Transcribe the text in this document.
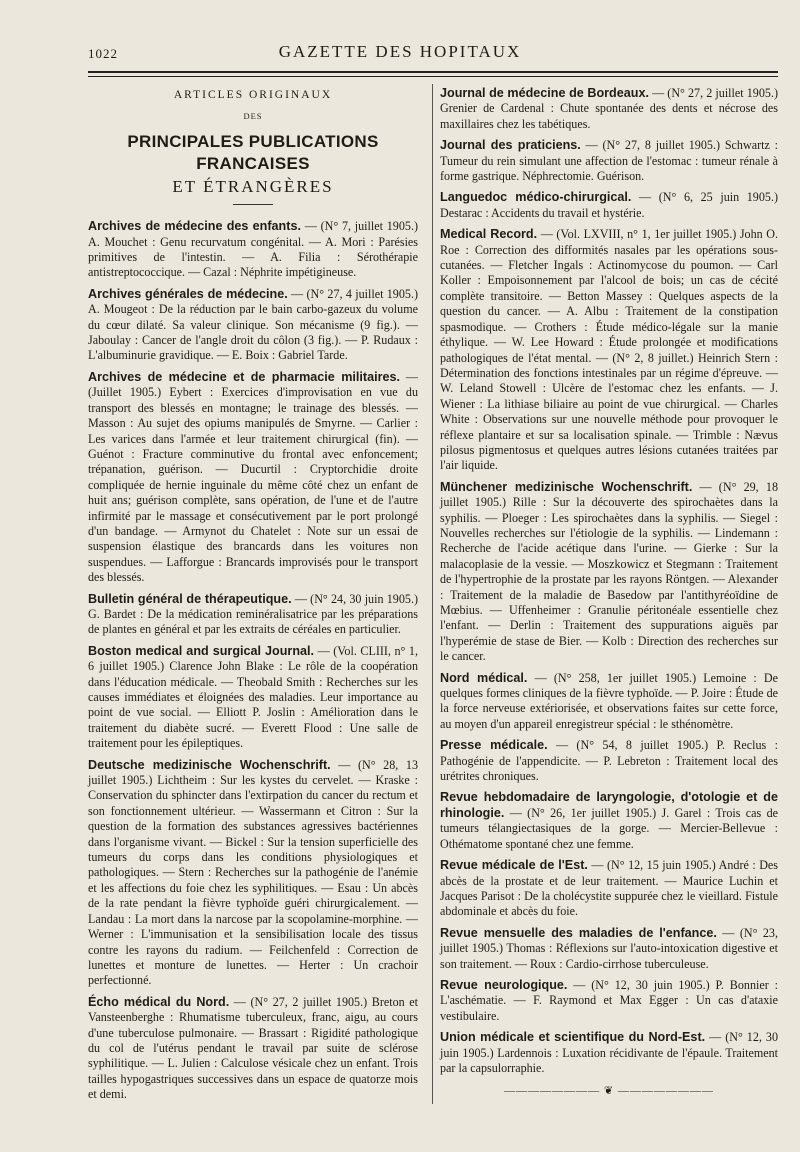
1022	GAZETTE DES HOPITAUX
ARTICLES ORIGINAUX
DES
PRINCIPALES PUBLICATIONS FRANCAISES
ET ÉTRANGÈRES
Archives de médecine des enfants. — (N° 7, juillet 1905.) A. Mouchet : Genu recurvatum congénital. — A. Mori : Parésies primitives de l'intestin. — A. Filia : Sérothérapie antistreptococcique. — Cazal : Néphrite impétigineuse.
Archives générales de médecine. — (N° 27, 4 juillet 1905.) A. Mougeot : De la réduction par le bain carbo-gazeux du volume du cœur dilaté. Sa valeur clinique. Son mécanisme (9 fig.). — Jaboulay : Cancer de l'angle droit du côlon (3 fig.). — P. Rudaux : L'albuminurie gravidique. — E. Boix : Gabriel Tarde.
Archives de médecine et de pharmacie militaires. — (Juillet 1905.) Eybert : Exercices d'improvisation en vue du transport des blessés en montagne; le trainage des blessés. — Masson : Au sujet des opiums manipulés de Smyrne. — Carlier : Les varices dans l'armée et leur traitement chirurgical (fin). — Guénot : Fracture comminutive du frontal avec enfoncement; trépanation, guérison. — Ducurtil : Cryptorchidie droite compliquée de hernie inguinale du même côté chez un enfant de huit ans; guérison complète, sans opération, de l'une et de l'autre infirmité par le massage et consécutivement par le port prolongé d'un bandage. — Armynot du Chatelet : Note sur un essai de suspension élastique des brancards dans les voitures non suspendues. — Lafforgue : Brancards improvisés pour le transport des blessés.
Bulletin général de thérapeutique. — (N° 24, 30 juin 1905.) G. Bardet : De la médication reminéralisatrice par les préparations de plantes en général et par les extraits de céréales en particulier.
Boston medical and surgical Journal. — (Vol. CLIII, n° 1, 6 juillet 1905.) Clarence John Blake : Le rôle de la coopération dans l'éducation médicale. — Theobald Smith : Recherches sur les causes immédiates et éloignées des maladies. Leur importance au point de vue social. — Elliott P. Joslin : Amélioration dans le traitement du diabète sucré. — Everett Flood : Une salle de traitement pour les épileptiques.
Deutsche medizinische Wochenschrift. — (N° 28, 13 juillet 1905.) Lichtheim : Sur les kystes du cervelet. — Kraske : Conservation du sphincter dans l'extirpation du cancer du rectum et son fonctionnement ultérieur. — Wassermann et Citron : Sur la question de la formation des substances agressives bactériennes dans l'organisme vivant. — Bickel : Sur la tension superficielle des tumeurs du corps dans les conditions physiologiques et pathologiques. — Stern : Recherches sur la pathogénie de l'anémie et les affections du foie chez les syphilitiques. — Esau : Un abcès de la rate pendant la fièvre typhoïde guéri chirurgicalement. — Landau : La mort dans la narcose par la scopolamine-morphine. — Werner : L'immunisation et la sensibilisation locale des tissus contre les rayons du radium. — Feilchenfeld : Correction de lunettes et monture de lunettes. — Herter : Un crachoir perfectionné.
Écho médical du Nord. — (N° 27, 2 juillet 1905.) Breton et Vansteenberghe : Rhumatisme tuberculeux, franc, aigu, au cours d'une tuberculose pulmonaire. — Brassart : Rigidité pathologique du col de l'utérus pendant le travail par suite de sclérose syphilitique. — L. Julien : Calculose vésicale chez un enfant. Trois tailles hypogastriques successives dans un espace de quatorze mois et demi.
Journal de médecine de Bordeaux. — (N° 27, 2 juillet 1905.) Grenier de Cardenal : Chute spontanée des dents et nécrose des maxillaires chez les tabétiques.
Journal des praticiens. — (N° 27, 8 juillet 1905.) Schwartz : Tumeur du rein simulant une affection de l'estomac : tumeur rénale à forme gastrique. Néphrectomie. Guérison.
Languedoc médico-chirurgical. — (N° 6, 25 juin 1905.) Destarac : Accidents du travail et hystérie.
Medical Record. — (Vol. LXVIII, n° 1, 1er juillet 1905.) John O. Roe : Correction des difformités nasales par les opérations sous-cutanées. — Fletcher Ingals : Actinomycose du poumon. — Carl Koller : Empoisonnement par l'alcool de bois; un cas de cécité complète transitoire. — Betton Massey : Quelques aspects de la question du cancer. — A. Albu : Traitement de la constipation spasmodique. — Crothers : Étude médico-légale sur la manie éthylique. — W. Lee Howard : Étude prolongée et modifications pathologiques de l'état mental. — (N° 2, 8 juillet.) Heinrich Stern : Détermination des fonctions intestinales par un régime d'épreuve. — W. Leland Stowell : Ulcère de l'estomac chez les enfants. — J. Wiener : La lithiase biliaire au point de vue chirurgical. — Charles White : Observations sur une nouvelle méthode pour provoquer le réflexe plantaire et sur sa localisation spinale. — Trimble : Nævus pilosus pigmentosus et quelques autres lésions cutanées traitées par l'air liquide.
Münchener medizinische Wochenschrift. — (N° 29, 18 juillet 1905.) Rille : Sur la découverte des spirochaètes dans la syphilis. — Ploeger : Les spirochaètes dans la syphilis. — Siegel : Nouvelles recherches sur l'étiologie de la syphilis. — Lindemann : Recherche de l'acide acétique dans l'urine. — Gierke : Sur la malacoplasie de la vessie. — Moszkowicz et Stegmann : Traitement de l'hypertrophie de la prostate par les rayons Röntgen. — Alexander : Traitement de la maladie de Basedow par l'antithyréoïdine de Mœbius. — Uffenheimer : Granulie péritonéale essentielle chez l'enfant. — Derlin : Traitement des suppurations aiguës par l'hyperémie de stase de Bier. — Kolb : Direction des recherches sur le cancer.
Nord médical. — (N° 258, 1er juillet 1905.) Lemoine : De quelques formes cliniques de la fièvre typhoïde. — P. Joire : Étude de la force nerveuse extériorisée, et observations faites sur cette force, au moyen d'un appareil enregistreur spécial : le sthénomètre.
Presse médicale. — (N° 54, 8 juillet 1905.) P. Reclus : Pathogénie de l'appendicite. — P. Lebreton : Traitement local des urétrites chroniques.
Revue hebdomadaire de laryngologie, d'otologie et de rhinologie. — (N° 26, 1er juillet 1905.) J. Garel : Trois cas de tumeurs télangiectasiques de la gorge. — Mercier-Bellevue : Othématome spontané chez une femme.
Revue médicale de l'Est. — (N° 12, 15 juin 1905.) André : Des abcès de la prostate et de leur traitement. — Maurice Luchin et Jacques Parisot : De la cholécystite suppurée chez le vieillard. Fistule abdominale et abcès du foie.
Revue mensuelle des maladies de l'enfance. — (N° 23, juillet 1905.) Thomas : Réflexions sur l'auto-intoxication digestive et son traitement. — Roux : Cardio-cirrhose tuberculeuse.
Revue neurologique. — (N° 12, 30 juin 1905.) P. Bonnier : L'aschématie. — F. Raymond et Max Egger : Un cas d'ataxie vestibulaire.
Union médicale et scientifique du Nord-Est. — (N° 12, 30 juin 1905.) Lardennois : Luxation récidivante de l'épaule. Traitement par la capsulorraphie.
———————— ❦ ————————
